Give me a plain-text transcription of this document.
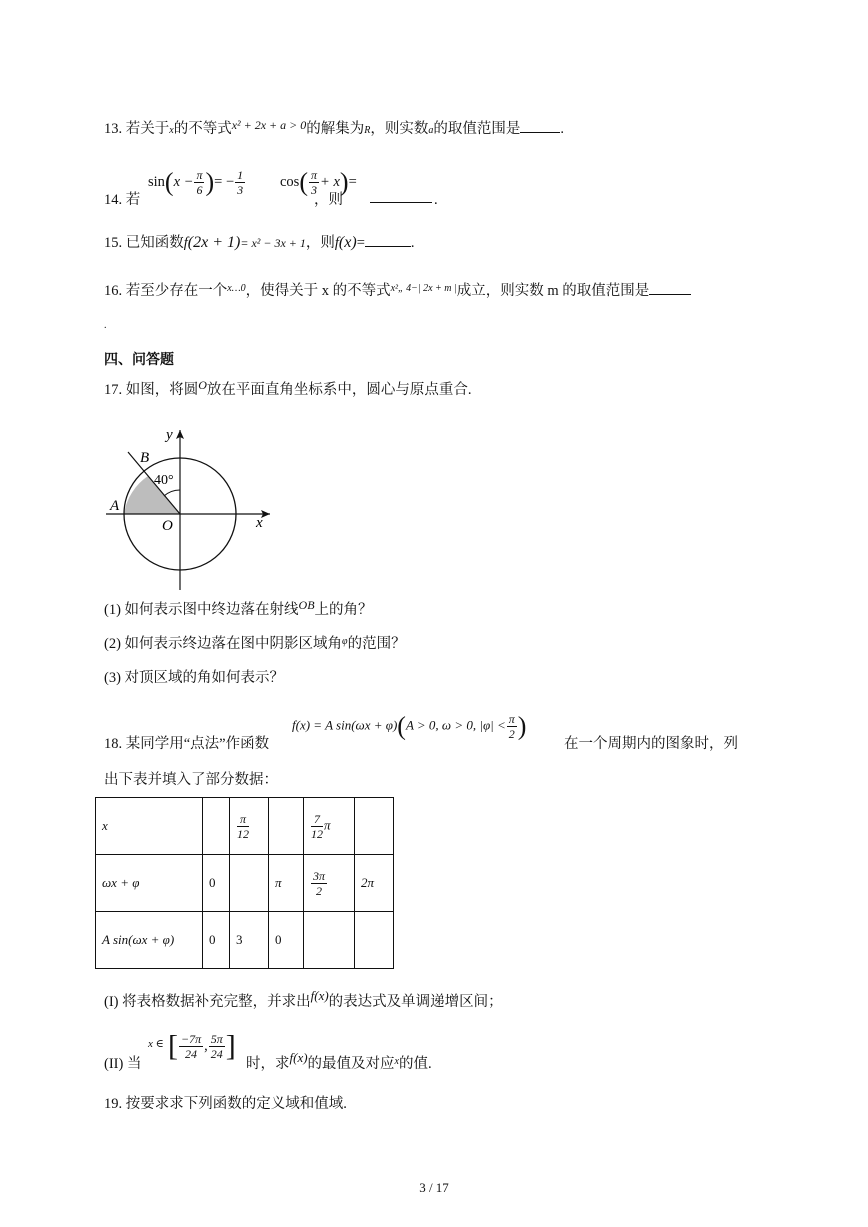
13. 若关于x的不等式$^{x^2 + 2x + a > 0}$的解集为R，则实数a的取值范围是	.
14. 若
$\sin(x - \frac{\pi}{6}$ )= − $\frac{1}{3}$
，则
$\cos( \frac{\pi}{3} + x)=$
.
15. 已知函数f(2x + 1)= x² − 3x + 1，则f(x)=	.
16. 若至少存在一个$^{x\dots 0}$，使得关于 x 的不等式$^{x^2„ 4-| 2x + m |}$成立，则实数 m 的取值范围是
.
四、问答题
17. 如图，将圆$^O$放在平面直角坐标系中，圆心与原点重合.
y
x
B
A
O
40°
(1) 如何表示图中终边落在射线$^{OB}$上的角？
(2) 如何表示终边落在图中阴影区域角$^\varphi$的范围？
(3) 对顶区域的角如何表示？
18. 某同学用“点法”作函数
f(x) = A sin(ωx + φ)(A > 0, ω > 0, $|\varphi| < \frac{\pi}{2}$ )
在一个周期内的图象时，列
出下表并填入了部分数据：
x		$\frac{\pi}{12}$		$\frac{7}{12}$ π	
ωx + φ	0		π	$\frac{3\pi}{2}$	2π
A sin(ωx + φ)	0	3	0		
(I) 将表格数据补充完整，并求出f(x)的表达式及单调递增区间；
(II) 当
x ∈ [ $\frac{-7\pi}{24}$ , $\frac{5\pi}{24}$ ]
时，求f(x)的最值及对应$^x$的值.
19. 按要求求下列函数的定义域和值域.
3 / 17
